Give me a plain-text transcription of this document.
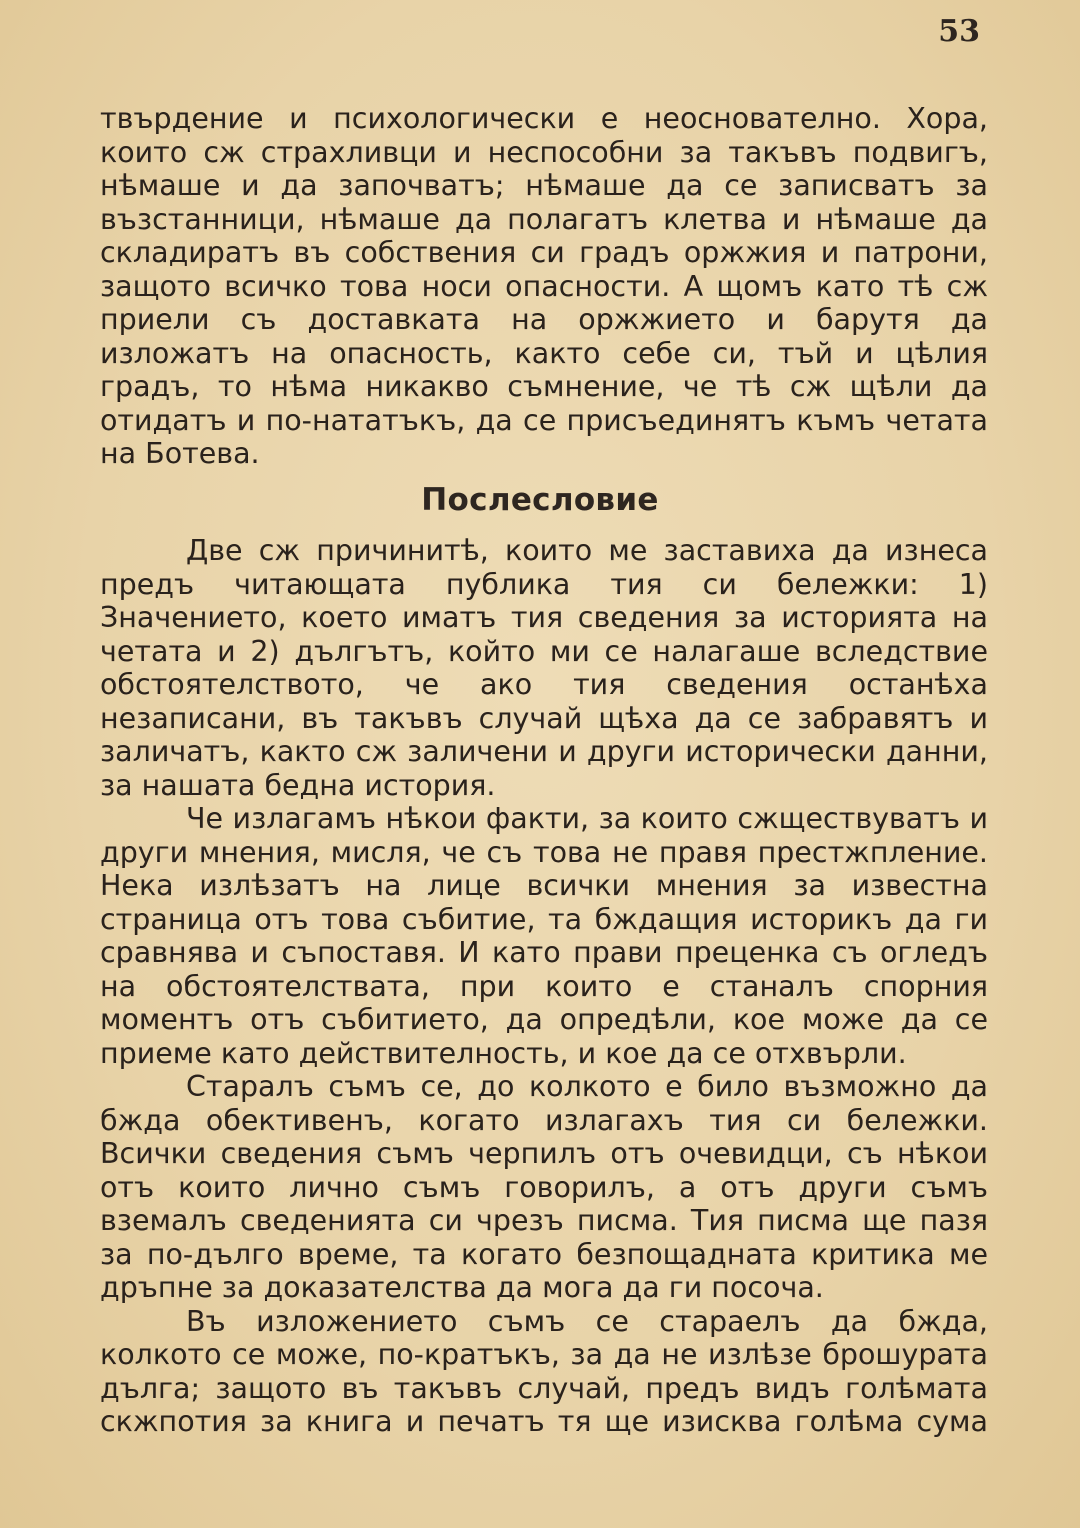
53

твърдение и психологически е неоснователно. Хора, които сж страхливци и неспособни за такъвъ подвигъ, нѣмаше и да започватъ; нѣмаше да се записватъ за възстанници, нѣмаше да полагатъ клетва и нѣмаше да складиратъ въ собствения си градъ оржжия и патрони, защото всичко това носи опасности. А щомъ като тѣ сж приели съ доставката на оржжието и барутя да изложатъ на опасность, както себе си, тъй и цѣлия градъ, то нѣма никакво съмнение, че тѣ сж щѣли да отидатъ и по-нататъкъ, да се присъединятъ къмъ четата на Ботева.

Послесловие

Две сж причинитѣ, които ме заставиха да изнеса предъ читающата публика тия си бележки: 1) Значението, което иматъ тия сведения за историята на четата и 2) дългътъ, който ми се налагаше вследствие обстоятелството, че ако тия сведения останѣха незаписани, въ такъвъ случай щѣха да се забравятъ и заличатъ, както сж заличени и други исторически данни, за нашата бедна история.

Че излагамъ нѣкои факти, за които сжществуватъ и други мнения, мисля, че съ това не правя престжпление. Нека излѣзатъ на лице всички мнения за известна страница отъ това събитие, та бждащия историкъ да ги сравнява и съпоставя. И като прави преценка съ огледъ на обстоятелствата, при които е станалъ спорния моментъ отъ събитието, да опредѣли, кое може да се приеме като действителность, и кое да се отхвърли.

Старалъ съмъ се, до колкото е било възможно да бжда обективенъ, когато излагахъ тия си бележки. Всички сведения съмъ черпилъ отъ очевидци, съ нѣкои отъ които лично съмъ говорилъ, а отъ други съмъ вземалъ сведенията си чрезъ писма. Тия писма ще пазя за по-дълго време, та когато безпощадната критика ме дръпне за доказателства да мога да ги посоча.

Въ изложението съмъ се стараелъ да бжда, колкото се може, по-кратъкъ, за да не излѣзе брошурата дълга; защото въ такъвъ случай, предъ видъ голѣмата скжпотия за книга и печатъ тя ще изисква голѣма сума
